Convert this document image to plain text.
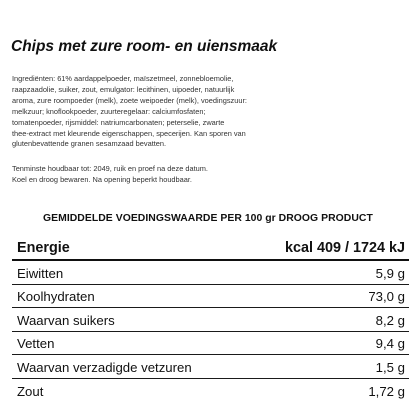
Chips met zure room- en uiensmaak
Ingrediënten: 61% aardappelpoeder, maïszetmeel, zonnebloemolie,
raapzaadolie, suiker, zout, emulgator: lecithinen, uipoeder, natuurlijk
aroma, zure roompoeder (melk), zoete weipoeder (melk), voedingszuur:
melkzuur; knoflookpoeder, zuurteregelaar: calciumfosfaten;
tomatenpoeder, rijsmiddel: natriumcarbonaten; peterselie, zwarte
thee-extract met kleurende eigenschappen, specerijen. Kan sporen van
glutenbevattende granen sesamzaad bevatten.
Tenminste houdbaar tot: 2049, ruik en proef na deze datum.
Koel en droog bewaren. Na opening beperkt houdbaar.
GEMIDDELDE VOEDINGSWAARDE PER 100 gr DROOG PRODUCT
Energie	kcal 409 / 1724 kJ
Eiwitten	5,9 g
Koolhydraten	73,0 g
Waarvan suikers	8,2 g
Vetten	9,4 g
Waarvan verzadigde vetzuren	1,5 g
Zout	1,72 g
